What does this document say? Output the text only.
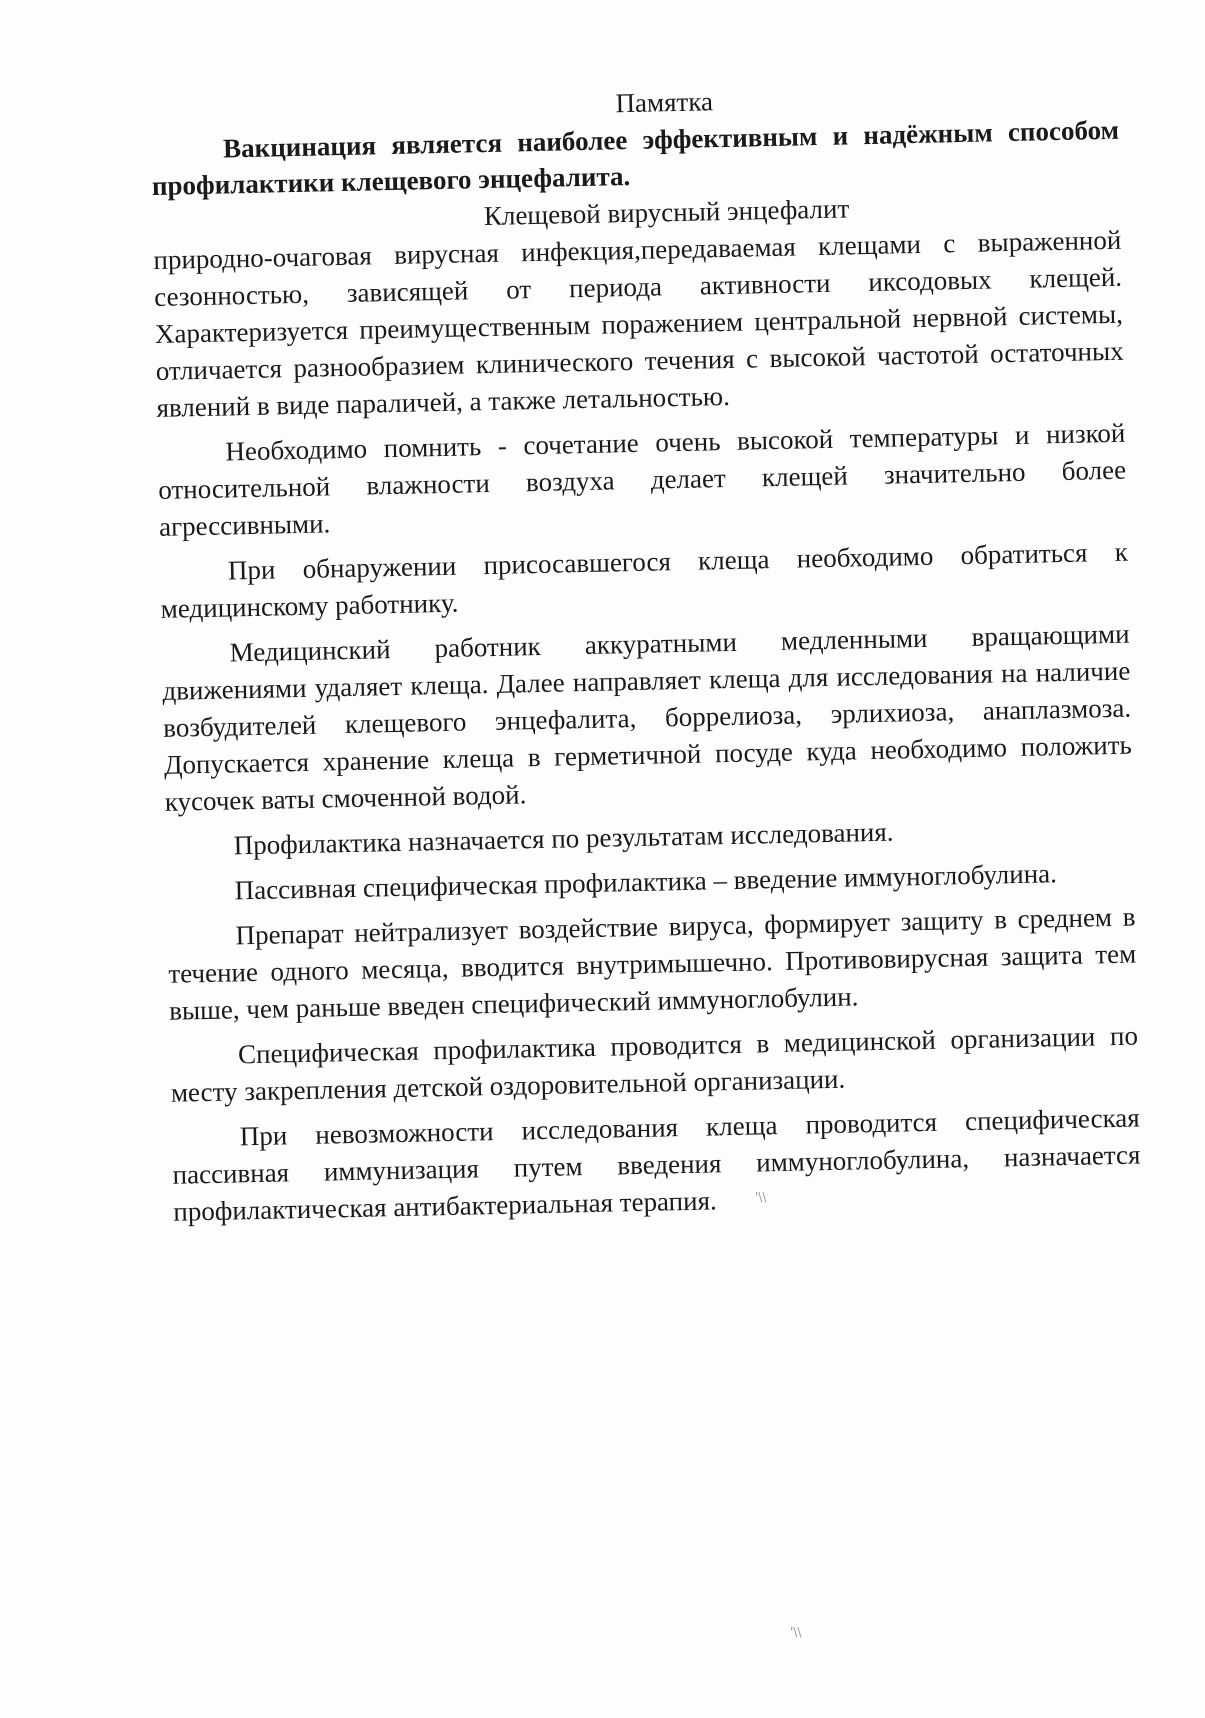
Памятка

Вакцинация является наиболее эффективным и надёжным способом профилактики клещевого энцефалита.

Клещевой вирусный энцефалит

природно-очаговая вирусная инфекция,передаваемая клещами с выраженной сезонностью, зависящей от периода активности иксодовых клещей. Характеризуется преимущественным поражением центральной нервной системы, отличается разнообразием клинического течения с высокой частотой остаточных явлений в виде параличей, а также летальностью.

Необходимо помнить - сочетание очень высокой температуры и низкой относительной влажности воздуха делает клещей значительно более агрессивными.

При обнаружении присосавшегося клеща необходимо обратиться к медицинскому работнику.

Медицинский работник аккуратными медленными вращающими движениями удаляет клеща. Далее направляет клеща для исследования на наличие возбудителей клещевого энцефалита, боррелиоза, эрлихиоза, анаплазмоза. Допускается хранение клеща в герметичной посуде куда необходимо положить кусочек ваты смоченной водой.

Профилактика назначается по результатам исследования.

Пассивная специфическая профилактика – введение иммуноглобулина.

Препарат нейтрализует воздействие вируса, формирует защиту в среднем в течение одного месяца, вводится внутримышечно. Противовирусная защита тем выше, чем раньше введен специфический иммуноглобулин.

Специфическая профилактика проводится в медицинской организации по месту закрепления детской оздоровительной организации.

При невозможности исследования клеща проводится специфическая пассивная иммунизация путем введения иммуноглобулина, назначается профилактическая антибактериальная терапия.	'\\
'\\
